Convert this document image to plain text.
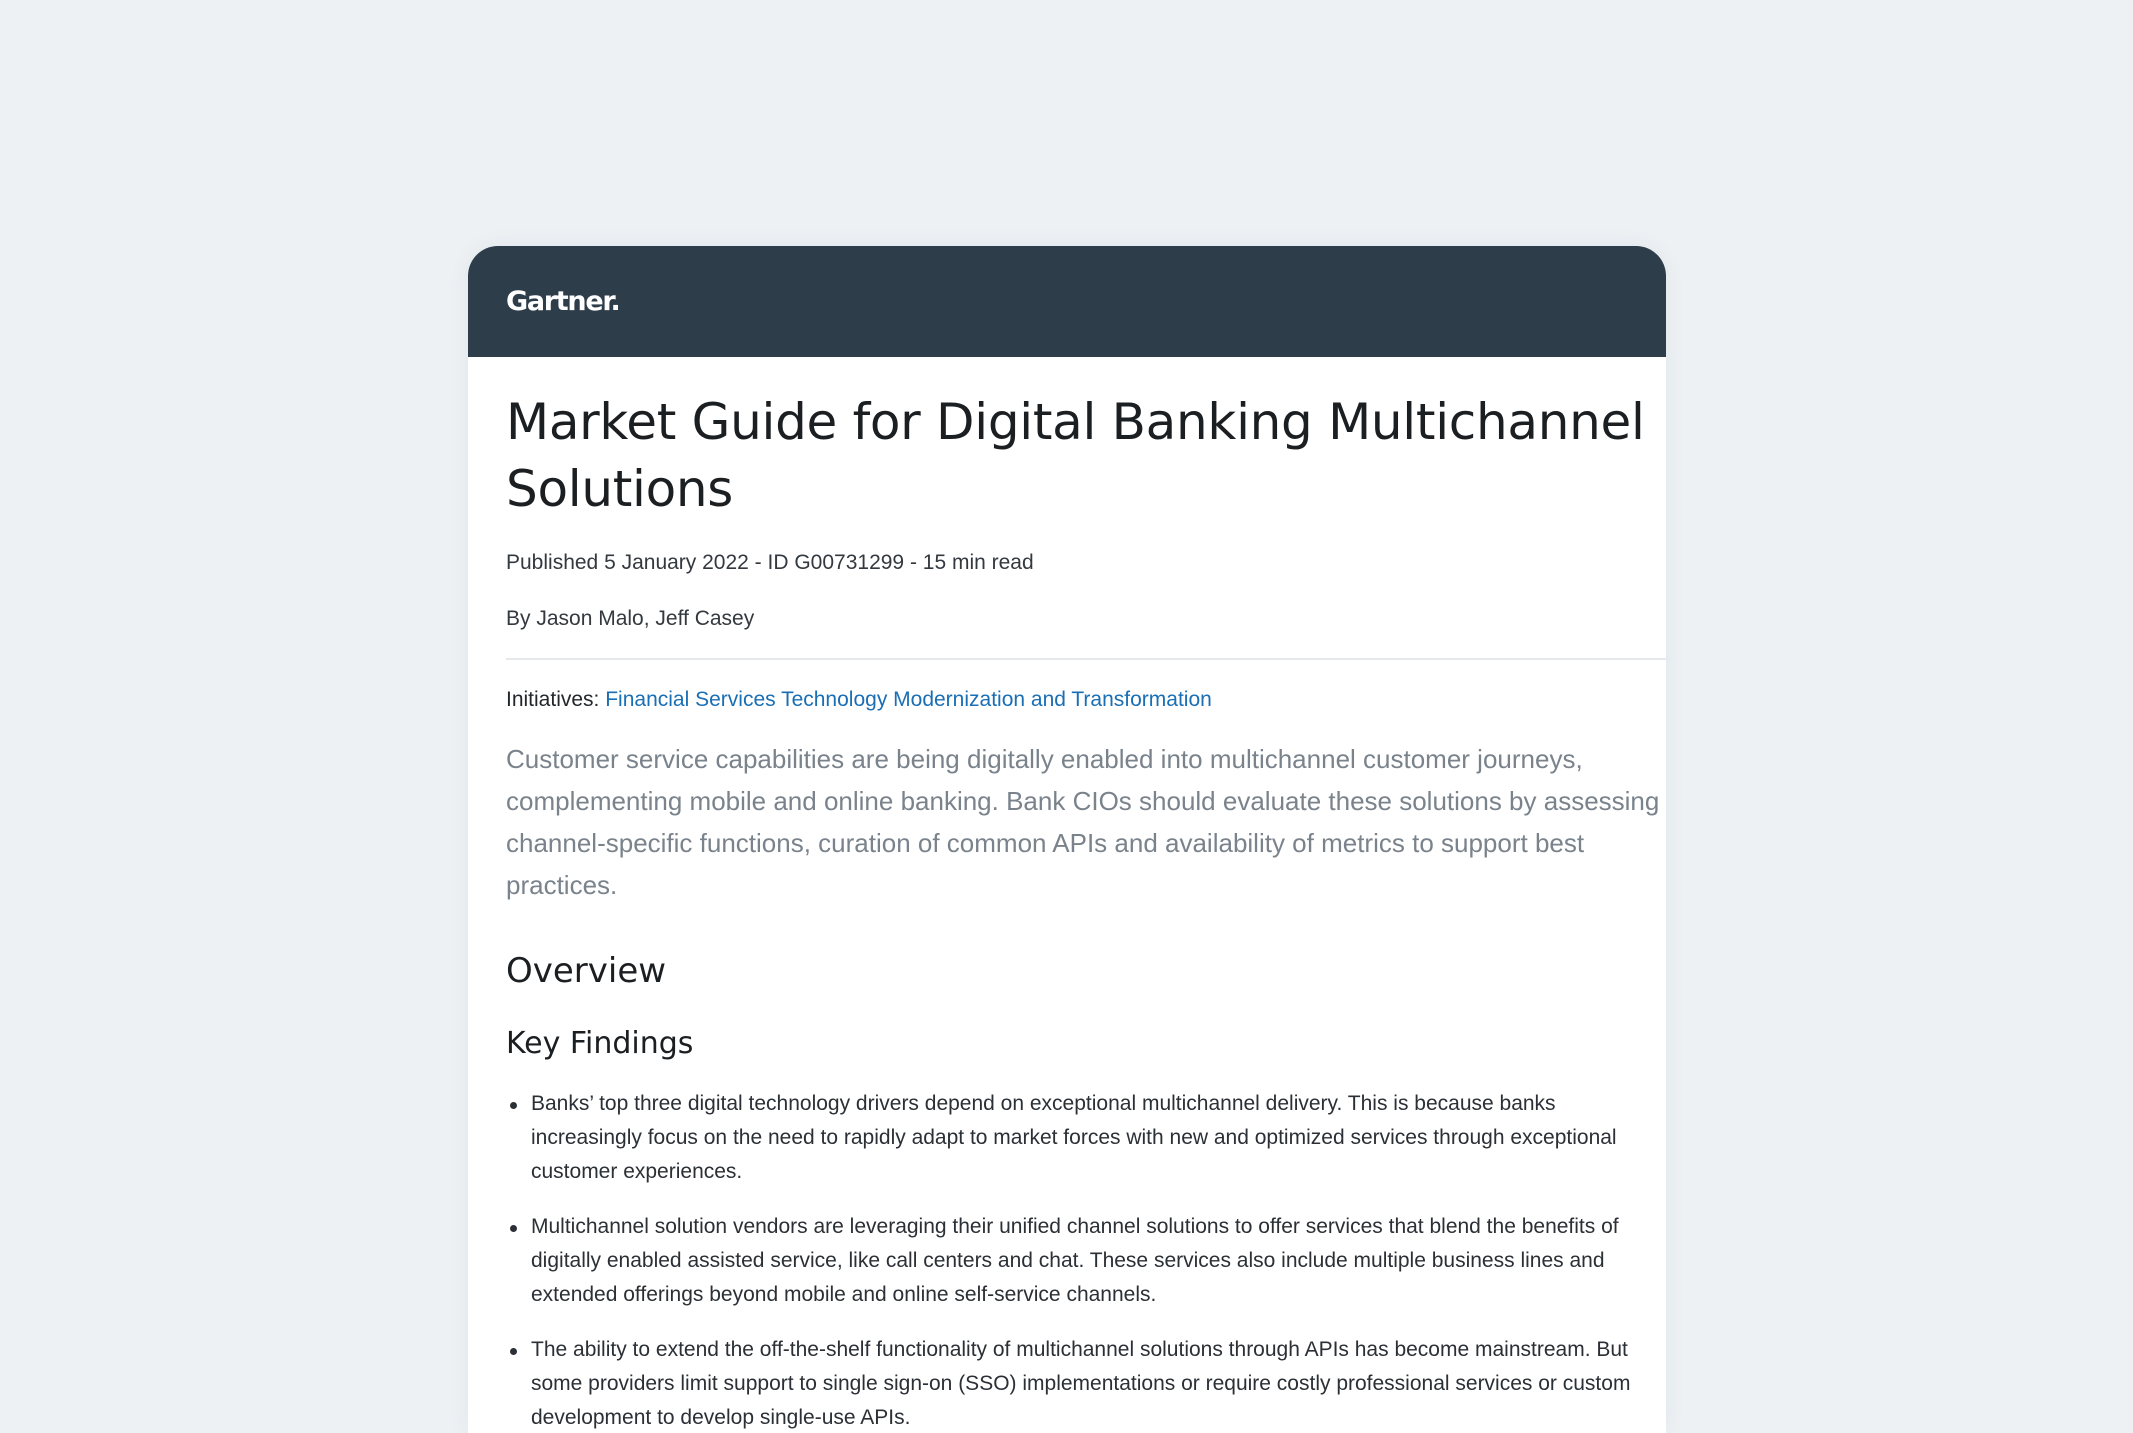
Gartner.
Market Guide for Digital Banking Multichannel Solutions
Published 5 January 2022 - ID G00731299 - 15 min read
By Jason Malo, Jeff Casey
Initiatives: Financial Services Technology Modernization and Transformation

Customer service capabilities are being digitally enabled into multichannel customer journeys, complementing mobile and online banking. Bank CIOs should evaluate these solutions by assessing channel-specific functions, curation of common APIs and availability of metrics to support best practices.

Overview
Key Findings
Banks’ top three digital technology drivers depend on exceptional multichannel delivery. This is because banks increasingly focus on the need to rapidly adapt to market forces with new and optimized services through exceptional customer experiences.
Multichannel solution vendors are leveraging their unified channel solutions to offer services that blend the benefits of digitally enabled assisted service, like call centers and chat. These services also include multiple business lines and extended offerings beyond mobile and online self-service channels.
The ability to extend the off-the-shelf functionality of multichannel solutions through APIs has become mainstream. But some providers limit support to single sign-on (SSO) implementations or require costly professional services or custom development to develop single-use APIs.
